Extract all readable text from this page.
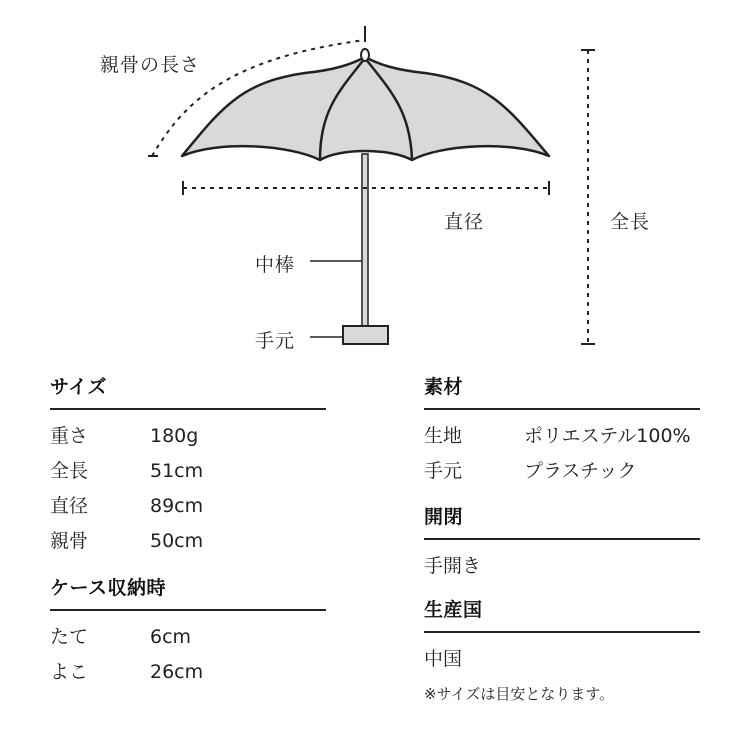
親骨の長さ
直径	全長
中棒
手元
サイズ
重さ	180g
全長	51cm
直径	89cm
親骨	50cm
ケース収納時
たて	6cm
よこ	26cm
素材
生地	ポリエステル100%
手元	プラスチック
開閉
手開き
生産国
中国
※サイズは目安となります。
